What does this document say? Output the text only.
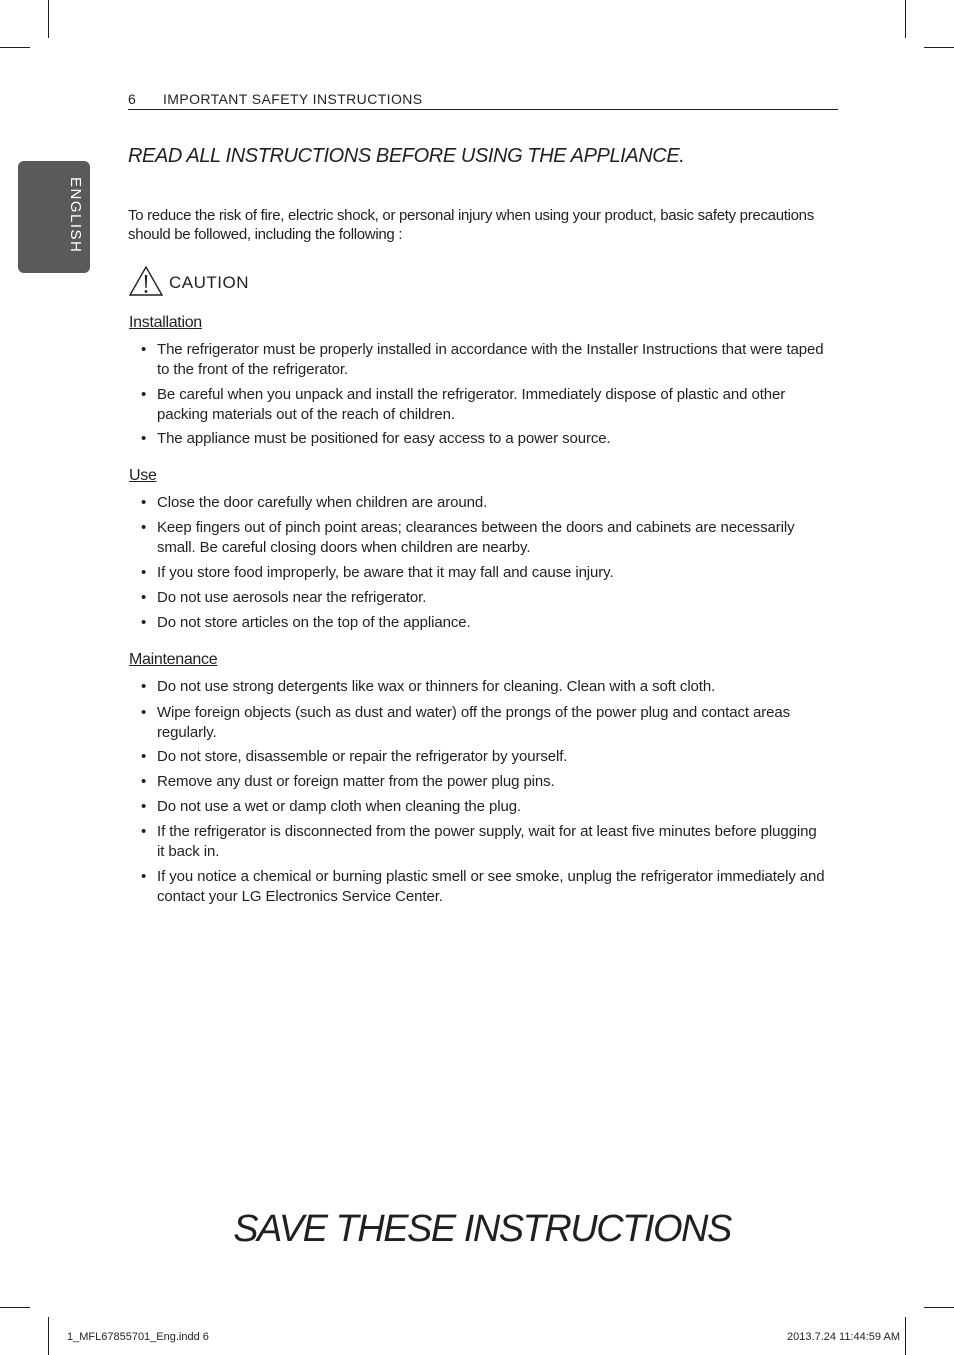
ENGLISH
6 IMPORTANT SAFETY INSTRUCTIONS
READ ALL INSTRUCTIONS BEFORE USING THE APPLIANCE.

To reduce the risk of fire, electric shock, or personal injury when using your product, basic safety precautions should be followed, including the following :

CAUTION
Installation
• The refrigerator must be properly installed in accordance with the Installer Instructions that were taped to the front of the refrigerator.
• Be careful when you unpack and install the refrigerator. Immediately dispose of plastic and other packing materials out of the reach of children.
• The appliance must be positioned for easy access to a power source.
Use
• Close the door carefully when children are around.
• Keep fingers out of pinch point areas; clearances between the doors and cabinets are necessarily small. Be careful closing doors when children are nearby.
• If you store food improperly, be aware that it may fall and cause injury.
• Do not use aerosols near the refrigerator.
• Do not store articles on the top of the appliance.
Maintenance
• Do not use strong detergents like wax or thinners for cleaning. Clean with a soft cloth.
• Wipe foreign objects (such as dust and water) off the prongs of the power plug and contact areas regularly.
• Do not store, disassemble or repair the refrigerator by yourself.
• Remove any dust or foreign matter from the power plug pins.
• Do not use a wet or damp cloth when cleaning the plug.
• If the refrigerator is disconnected from the power supply, wait for at least five minutes before plugging it back in.
• If you notice a chemical or burning plastic smell or see smoke, unplug the refrigerator immediately and contact your LG Electronics Service Center.
SAVE THESE INSTRUCTIONS
1_MFL67855701_Eng.indd 6	2013.7.24 11:44:59 AM
